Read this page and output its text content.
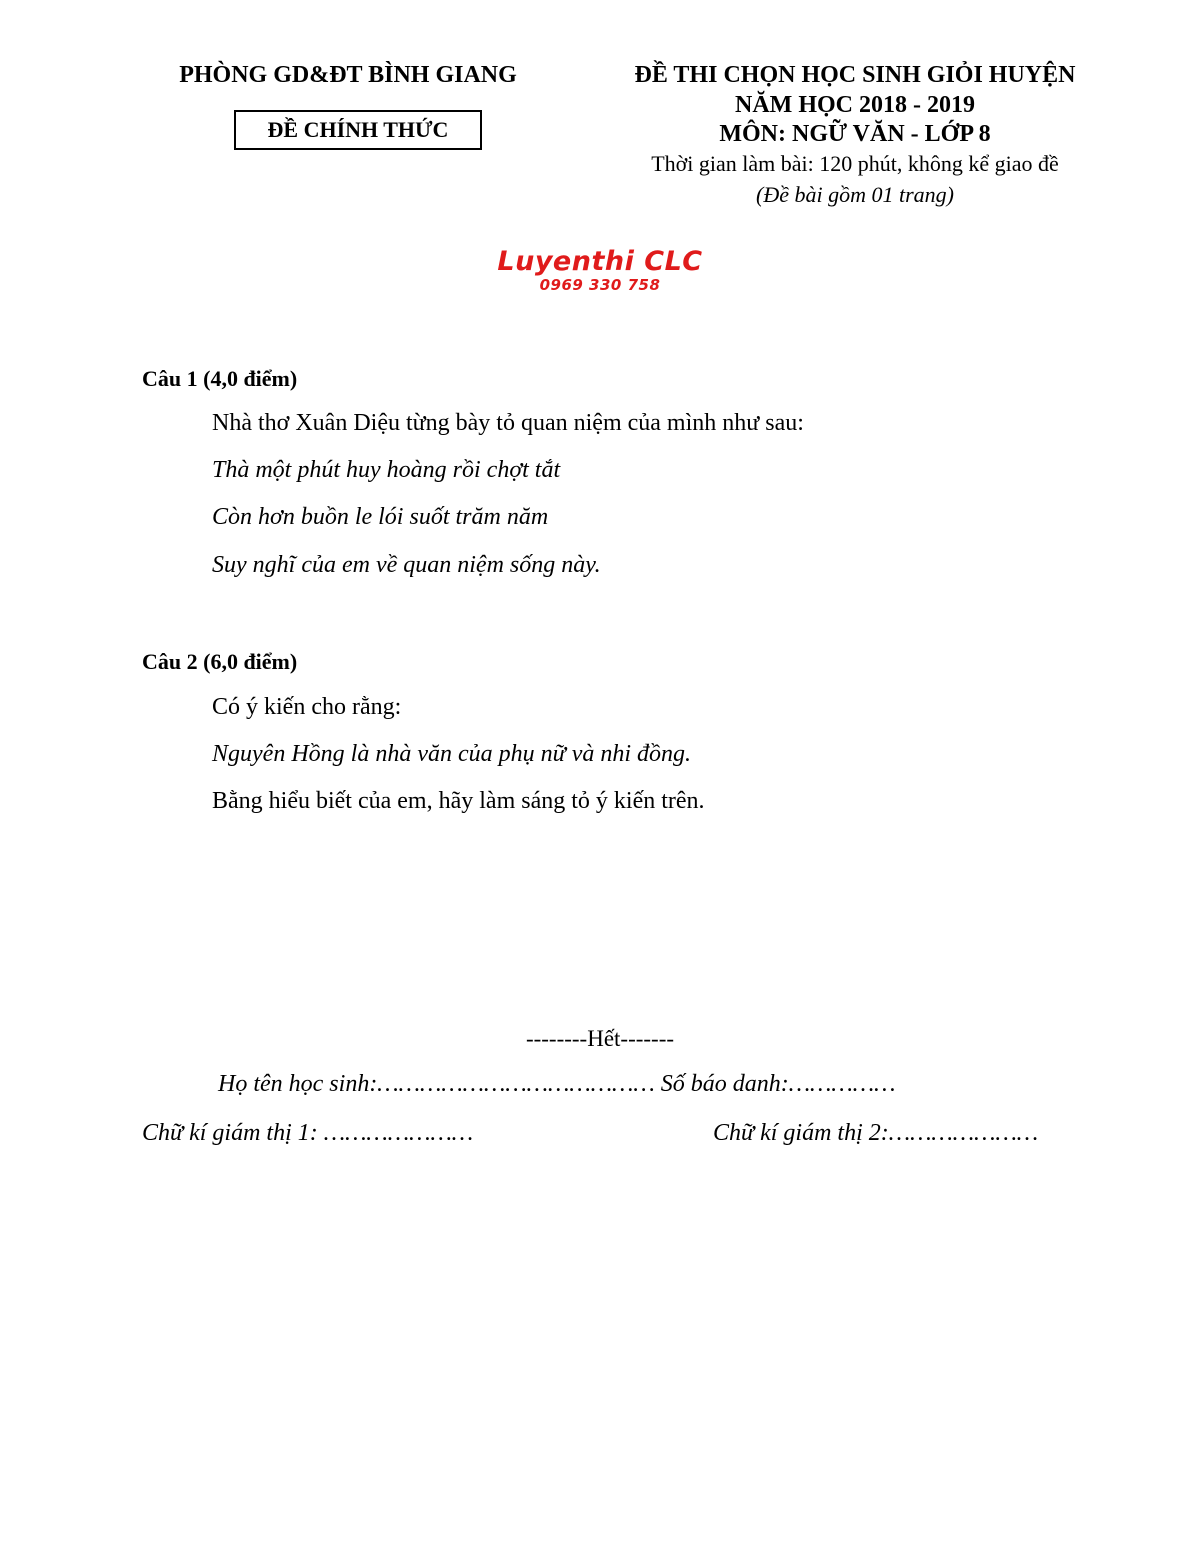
PHÒNG GD&ĐT BÌNH GIANG
ĐỀ CHÍNH THỨC
ĐỀ THI CHỌN HỌC SINH GIỎI HUYỆN
NĂM HỌC 2018 - 2019
MÔN: NGỮ VĂN - LỚP 8
Thời gian làm bài: 120 phút, không kể giao đề
(Đề bài gồm 01 trang)
Luyenthi CLC
0969 330 758
Câu 1 (4,0 điểm)
Nhà thơ Xuân Diệu từng bày tỏ quan niệm của mình như sau:
Thà một phút huy hoàng rồi chợt tắt
Còn hơn buồn le lói suốt trăm năm
Suy nghĩ của em về quan niệm sống này.
Câu 2 (6,0 điểm)
Có ý kiến cho rằng:
Nguyên Hồng là nhà văn của phụ nữ và nhi đồng.
Bằng hiểu biết của em, hãy làm sáng tỏ ý kiến trên.
--------Hết-------
Họ tên học sinh:………………………………… Số báo danh:……………
Chữ kí giám thị 1: …………………	Chữ kí giám thị 2:…………………
